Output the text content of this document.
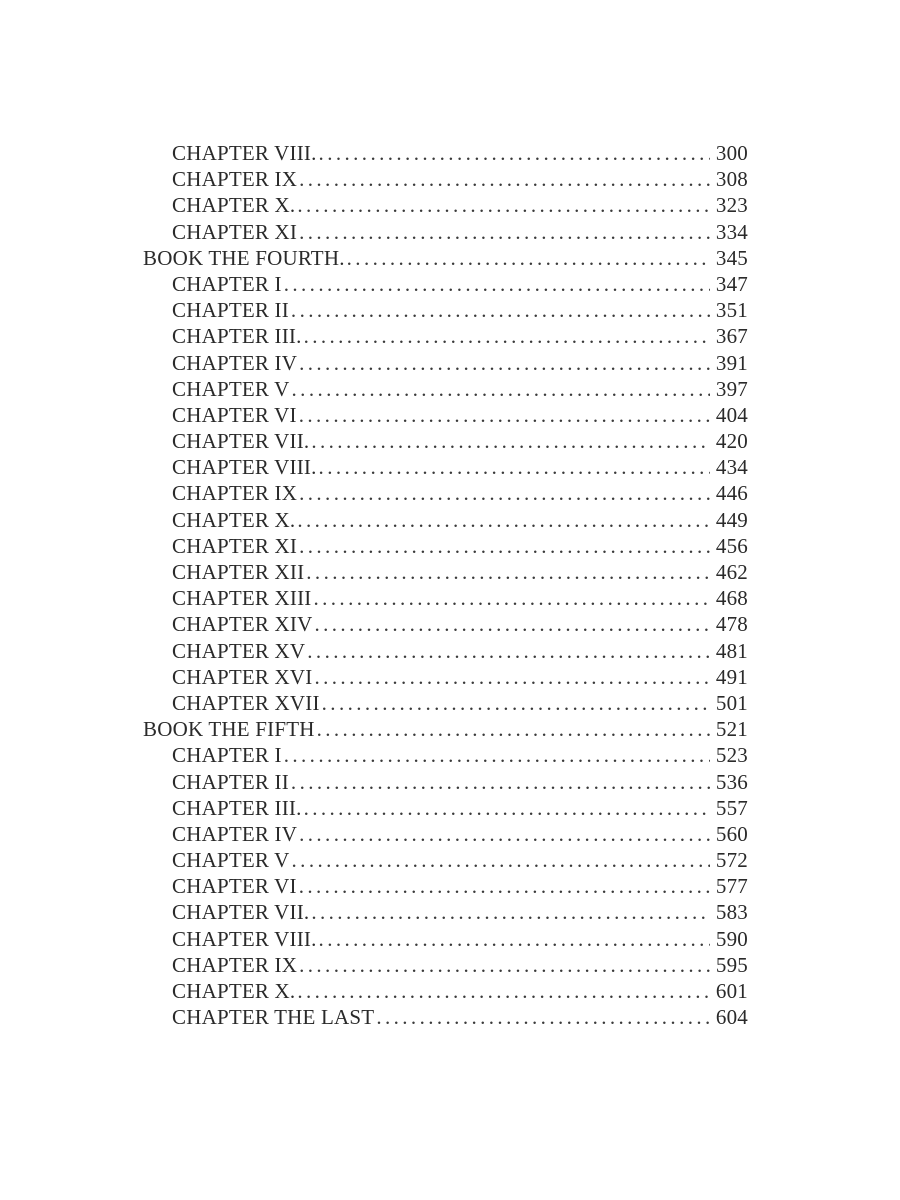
CHAPTER VIII. .....	300
CHAPTER IX .....	308
CHAPTER X. .....	323
CHAPTER XI .....	334
BOOK THE FOURTH. .....	345
CHAPTER I .....	347
CHAPTER II .....	351
CHAPTER III. .....	367
CHAPTER IV .....	391
CHAPTER V .....	397
CHAPTER VI .....	404
CHAPTER VII. .....	420
CHAPTER VIII. .....	434
CHAPTER IX .....	446
CHAPTER X. .....	449
CHAPTER XI .....	456
CHAPTER XII .....	462
CHAPTER XIII .....	468
CHAPTER XIV .....	478
CHAPTER XV .....	481
CHAPTER XVI .....	491
CHAPTER XVII .....	501
BOOK THE FIFTH .....	521
CHAPTER I .....	523
CHAPTER II .....	536
CHAPTER III. .....	557
CHAPTER IV .....	560
CHAPTER V .....	572
CHAPTER VI .....	577
CHAPTER VII. .....	583
CHAPTER VIII. .....	590
CHAPTER IX .....	595
CHAPTER X. .....	601
CHAPTER THE LAST .....	604
